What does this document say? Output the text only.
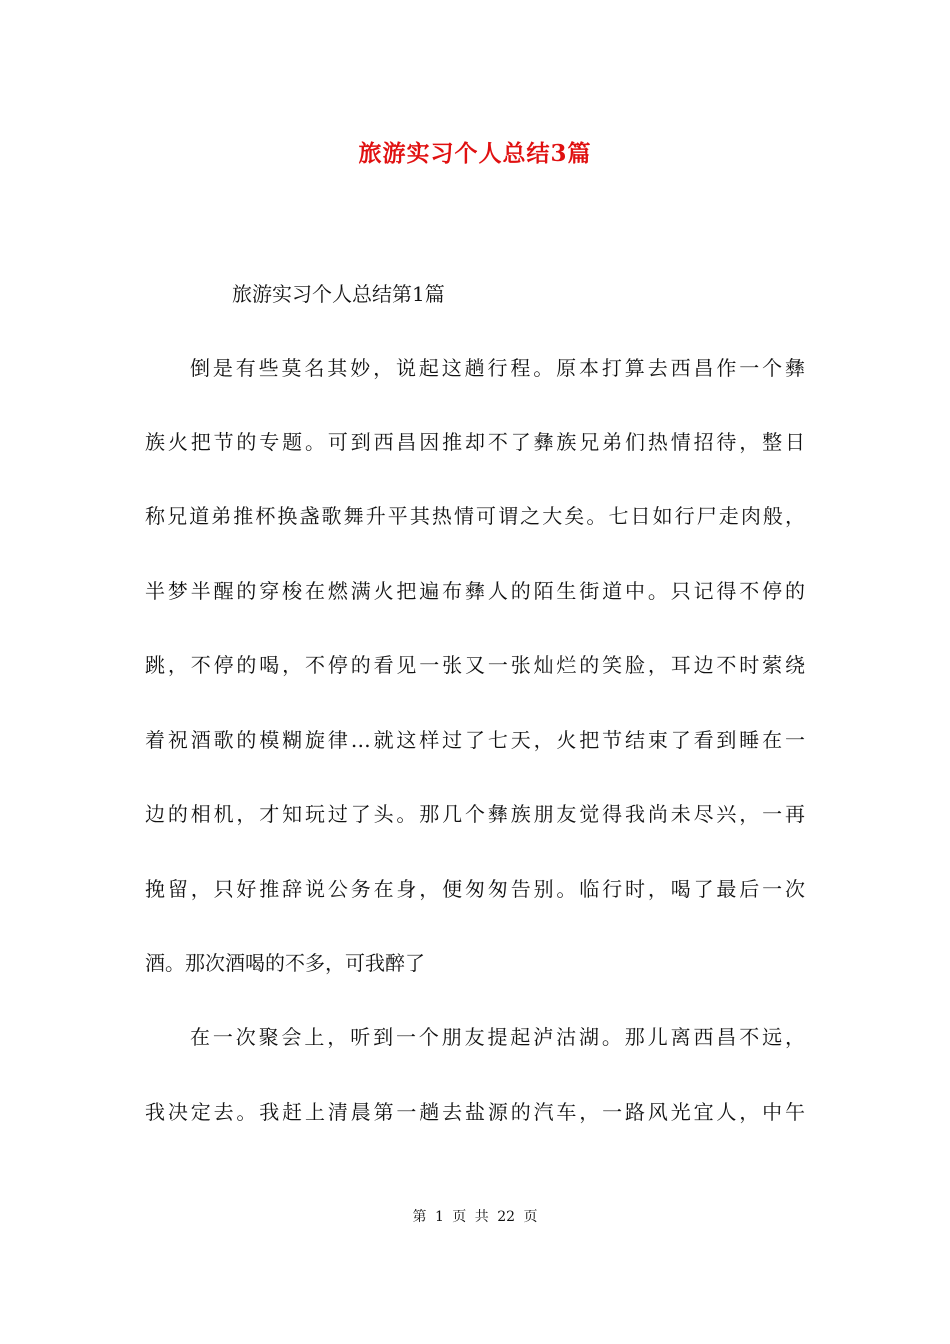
旅游实习个人总结3篇
旅游实习个人总结第1篇
倒是有些莫名其妙，说起这趟行程。原本打算去西昌作一个彝
族火把节的专题。可到西昌因推却不了彝族兄弟们热情招待，整日
称兄道弟推杯换盏歌舞升平其热情可谓之大矣。七日如行尸走肉般，
半梦半醒的穿梭在燃满火把遍布彝人的陌生街道中。只记得不停的
跳，不停的喝，不停的看见一张又一张灿烂的笑脸，耳边不时萦绕
着祝酒歌的模糊旋律…就这样过了七天，火把节结束了看到睡在一
边的相机，才知玩过了头。那几个彝族朋友觉得我尚未尽兴，一再
挽留，只好推辞说公务在身，便匆匆告别。临行时，喝了最后一次
酒。那次酒喝的不多，可我醉了
在一次聚会上，听到一个朋友提起泸沽湖。那儿离西昌不远，
我决定去。我赶上清晨第一趟去盐源的汽车，一路风光宜人，中午
第 1 页 共 22 页
